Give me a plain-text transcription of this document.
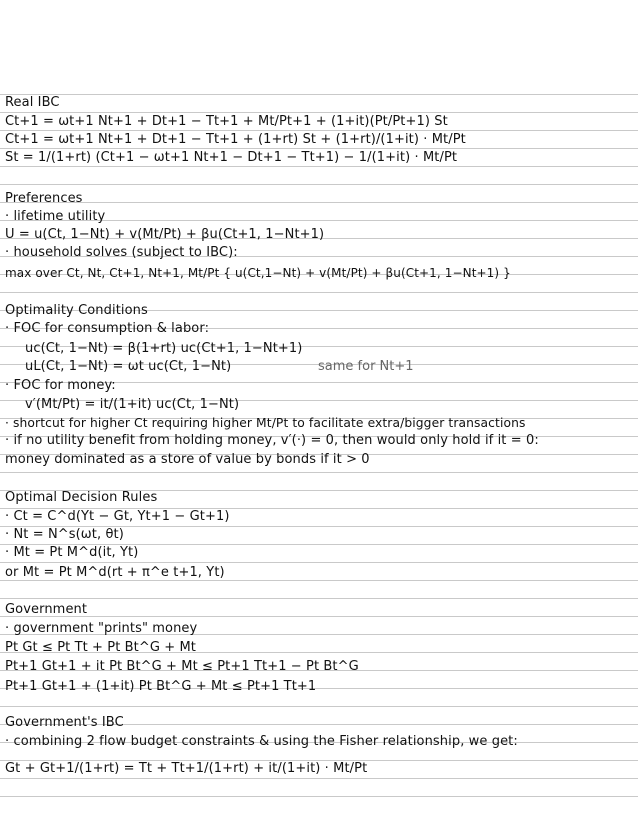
Real IBC
Ct+1 = ωt+1 Nt+1 + Dt+1 − Tt+1 + Mt/Pt+1 + (1+it)(Pt/Pt+1) St
Ct+1 = ωt+1 Nt+1 + Dt+1 − Tt+1 + (1+rt) St + (1+rt)/(1+it) · Mt/Pt
St = 1/(1+rt) (Ct+1 − ωt+1 Nt+1 − Dt+1 − Tt+1) − 1/(1+it) · Mt/Pt
Preferences
· lifetime utility
U = u(Ct, 1−Nt) + v(Mt/Pt) + βu(Ct+1, 1−Nt+1)
· household solves (subject to IBC):
max over Ct, Nt, Ct+1, Nt+1, Mt/Pt { u(Ct,1−Nt) + v(Mt/Pt) + βu(Ct+1, 1−Nt+1) }
Optimality Conditions
· FOC for consumption & labor:
uc(Ct, 1−Nt) = β(1+rt) uc(Ct+1, 1−Nt+1)
uL(Ct, 1−Nt) = ωt uc(Ct, 1−Nt)	same for Nt+1
· FOC for money:
v′(Mt/Pt) = it/(1+it) uc(Ct, 1−Nt)
· shortcut for higher Ct requiring higher Mt/Pt to facilitate extra/bigger transactions
· if no utility benefit from holding money, v′(·) = 0, then would only hold if it = 0:
money dominated as a store of value by bonds if it > 0
Optimal Decision Rules
· Ct = C^d(Yt − Gt, Yt+1 − Gt+1)
· Nt = N^s(ωt, θt)
· Mt = Pt M^d(it, Yt)
or Mt = Pt M^d(rt + π^e t+1, Yt)
Government
· government "prints" money
Pt Gt ≤ Pt Tt + Pt Bt^G + Mt
Pt+1 Gt+1 + it Pt Bt^G + Mt ≤ Pt+1 Tt+1 − Pt Bt^G
Pt+1 Gt+1 + (1+it) Pt Bt^G + Mt ≤ Pt+1 Tt+1
Government's IBC
· combining 2 flow budget constraints & using the Fisher relationship, we get:
Gt + Gt+1/(1+rt) = Tt + Tt+1/(1+rt) + it/(1+it) · Mt/Pt
